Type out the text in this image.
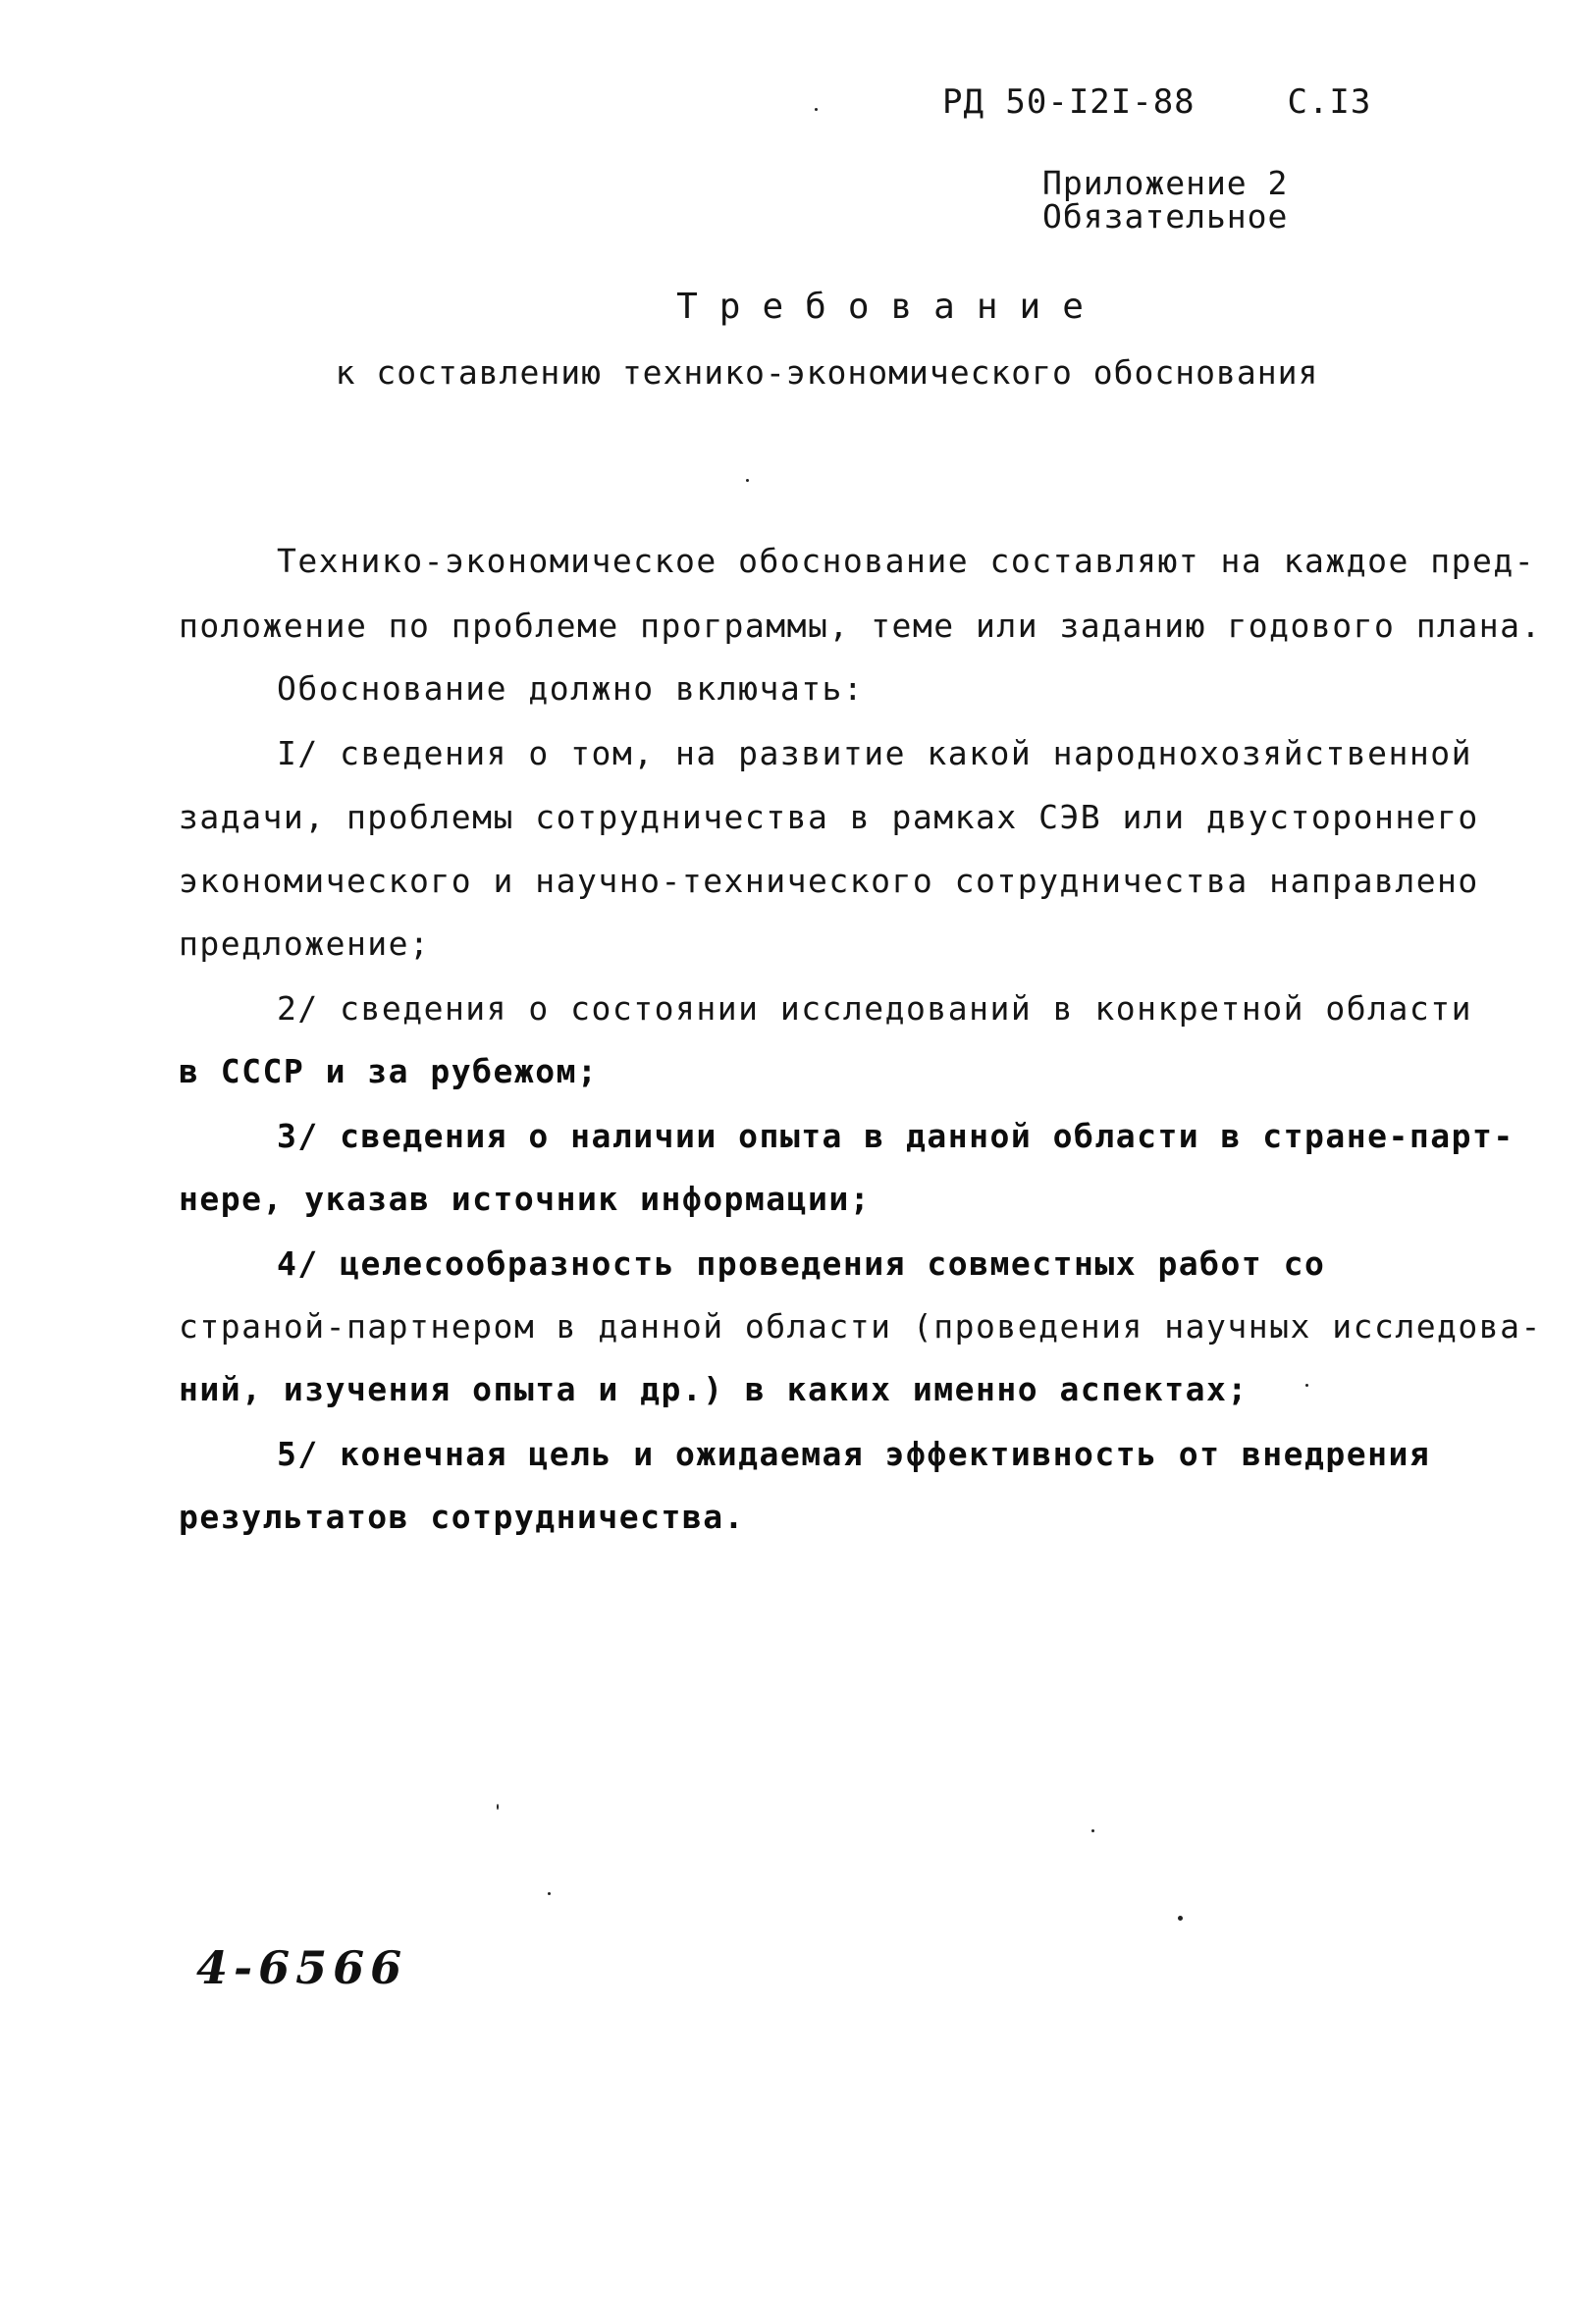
РД 50-I2I-88	С.I3
Приложение 2
Обязательное
Требование
к составлению технико-экономического обоснования
Технико-экономическое обоснование составляют на каждое пред-
положение по проблеме программы, теме или заданию годового плана.
Обоснование должно включать:
I/ сведения о том, на развитие какой народнохозяйственной
задачи, проблемы сотрудничества в рамках СЭВ или двустороннего
экономического и научно-технического сотрудничества направлено
предложение;
2/ сведения о состоянии исследований в конкретной области
в СССР и за рубежом;
3/ сведения о наличии опыта в данной области в стране-парт-
нере, указав источник информации;
4/ целесообразность проведения совместных работ со
страной-партнером в данной области (проведения научных исследова-
ний, изучения опыта и др.) в каких именно аспектах;
5/ конечная цель и ожидаемая эффективность от внедрения
результатов сотрудничества.
4-6566
